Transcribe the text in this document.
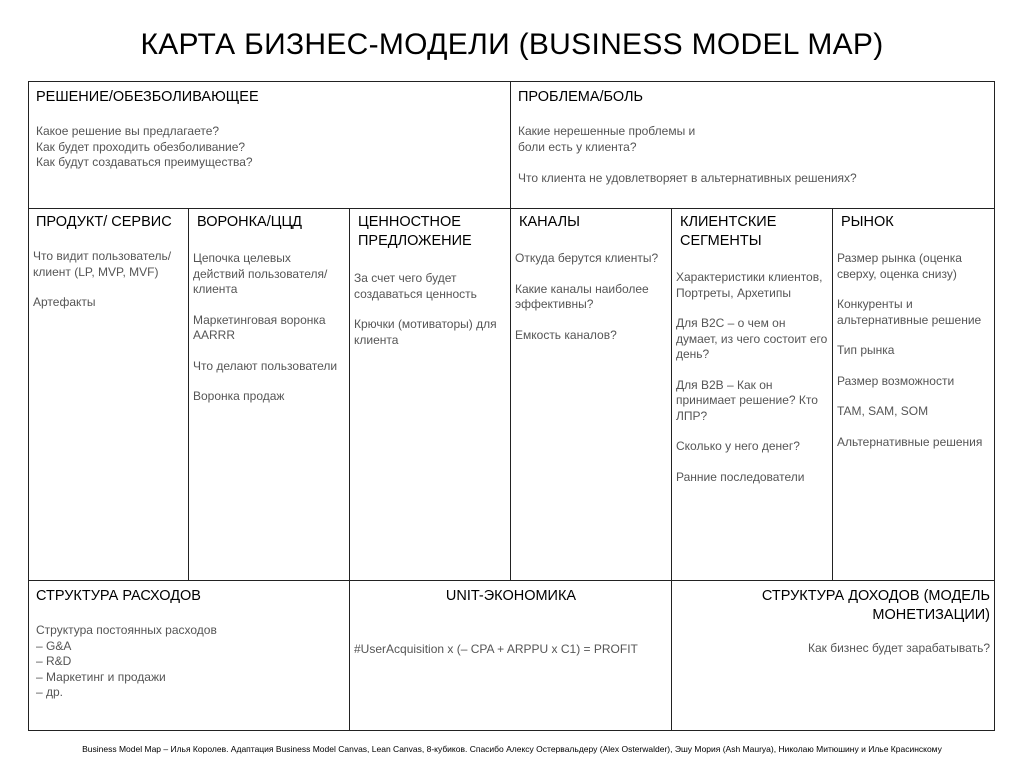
КАРТА БИЗНЕС-МОДЕЛИ (BUSINESS MODEL MAP)
РЕШЕНИЕ/ОБЕЗБОЛИВАЮЩЕЕ
Какое решение вы предлагаете?
Как будет проходить обезболивание?
Как будут создаваться преимущества?
ПРОБЛЕМА/БОЛЬ
Какие нерешенные проблемы и
боли есть у клиента?
Что клиента не удовлетворяет в альтернативных решениях?
ПРОДУКТ/ СЕРВИС

Что видит пользователь/клиент (LP, MVP, MVF)

Артефакты

ВОРОНКА/ЦЦД

Цепочка целевых действий пользователя/клиента

Маркетинговая воронка AARRR

Что делают пользователи

Воронка продаж

ЦЕННОСТНОЕ ПРЕДЛОЖЕНИЕ

За счет чего будет создаваться ценность

Крючки (мотиваторы) для клиента

КАНАЛЫ

Откуда берутся клиенты?

Какие каналы наиболее эффективны?

Емкость каналов?

КЛИЕНТСКИЕ СЕГМЕНТЫ

Характеристики клиентов, Портреты, Архетипы

Для B2C – о чем он думает, из чего состоит его день?

Для B2B – Как он принимает решение? Кто ЛПР?

Сколько у него денег?

Ранние последователи

РЫНОК

Размер рынка (оценка сверху, оценка снизу)

Конкуренты и альтернативные решение

Тип рынка

Размер возможности

TAM, SAM, SOM

Альтернативные решения

СТРУКТУРА РАСХОДОВ
Структура постоянных расходов
– G&A
– R&D
– Маркетинг и продажи
– др.
UNIT-ЭКОНОМИКА
#UserAcquisition x (– CPA + ARPPU x C1) = PROFIT
СТРУКТУРА ДОХОДОВ (МОДЕЛЬ
МОНЕТИЗАЦИИ)
Как бизнес будет зарабатывать?
Business Model Map – Илья Королев. Адаптация Business Model Canvas, Lean Canvas, 8-кубиков. Спасибо Алексу Остервальдеру (Alex Osterwalder), Эшу Мория (Ash Maurya), Николаю Митюшину и Илье Красинскому
